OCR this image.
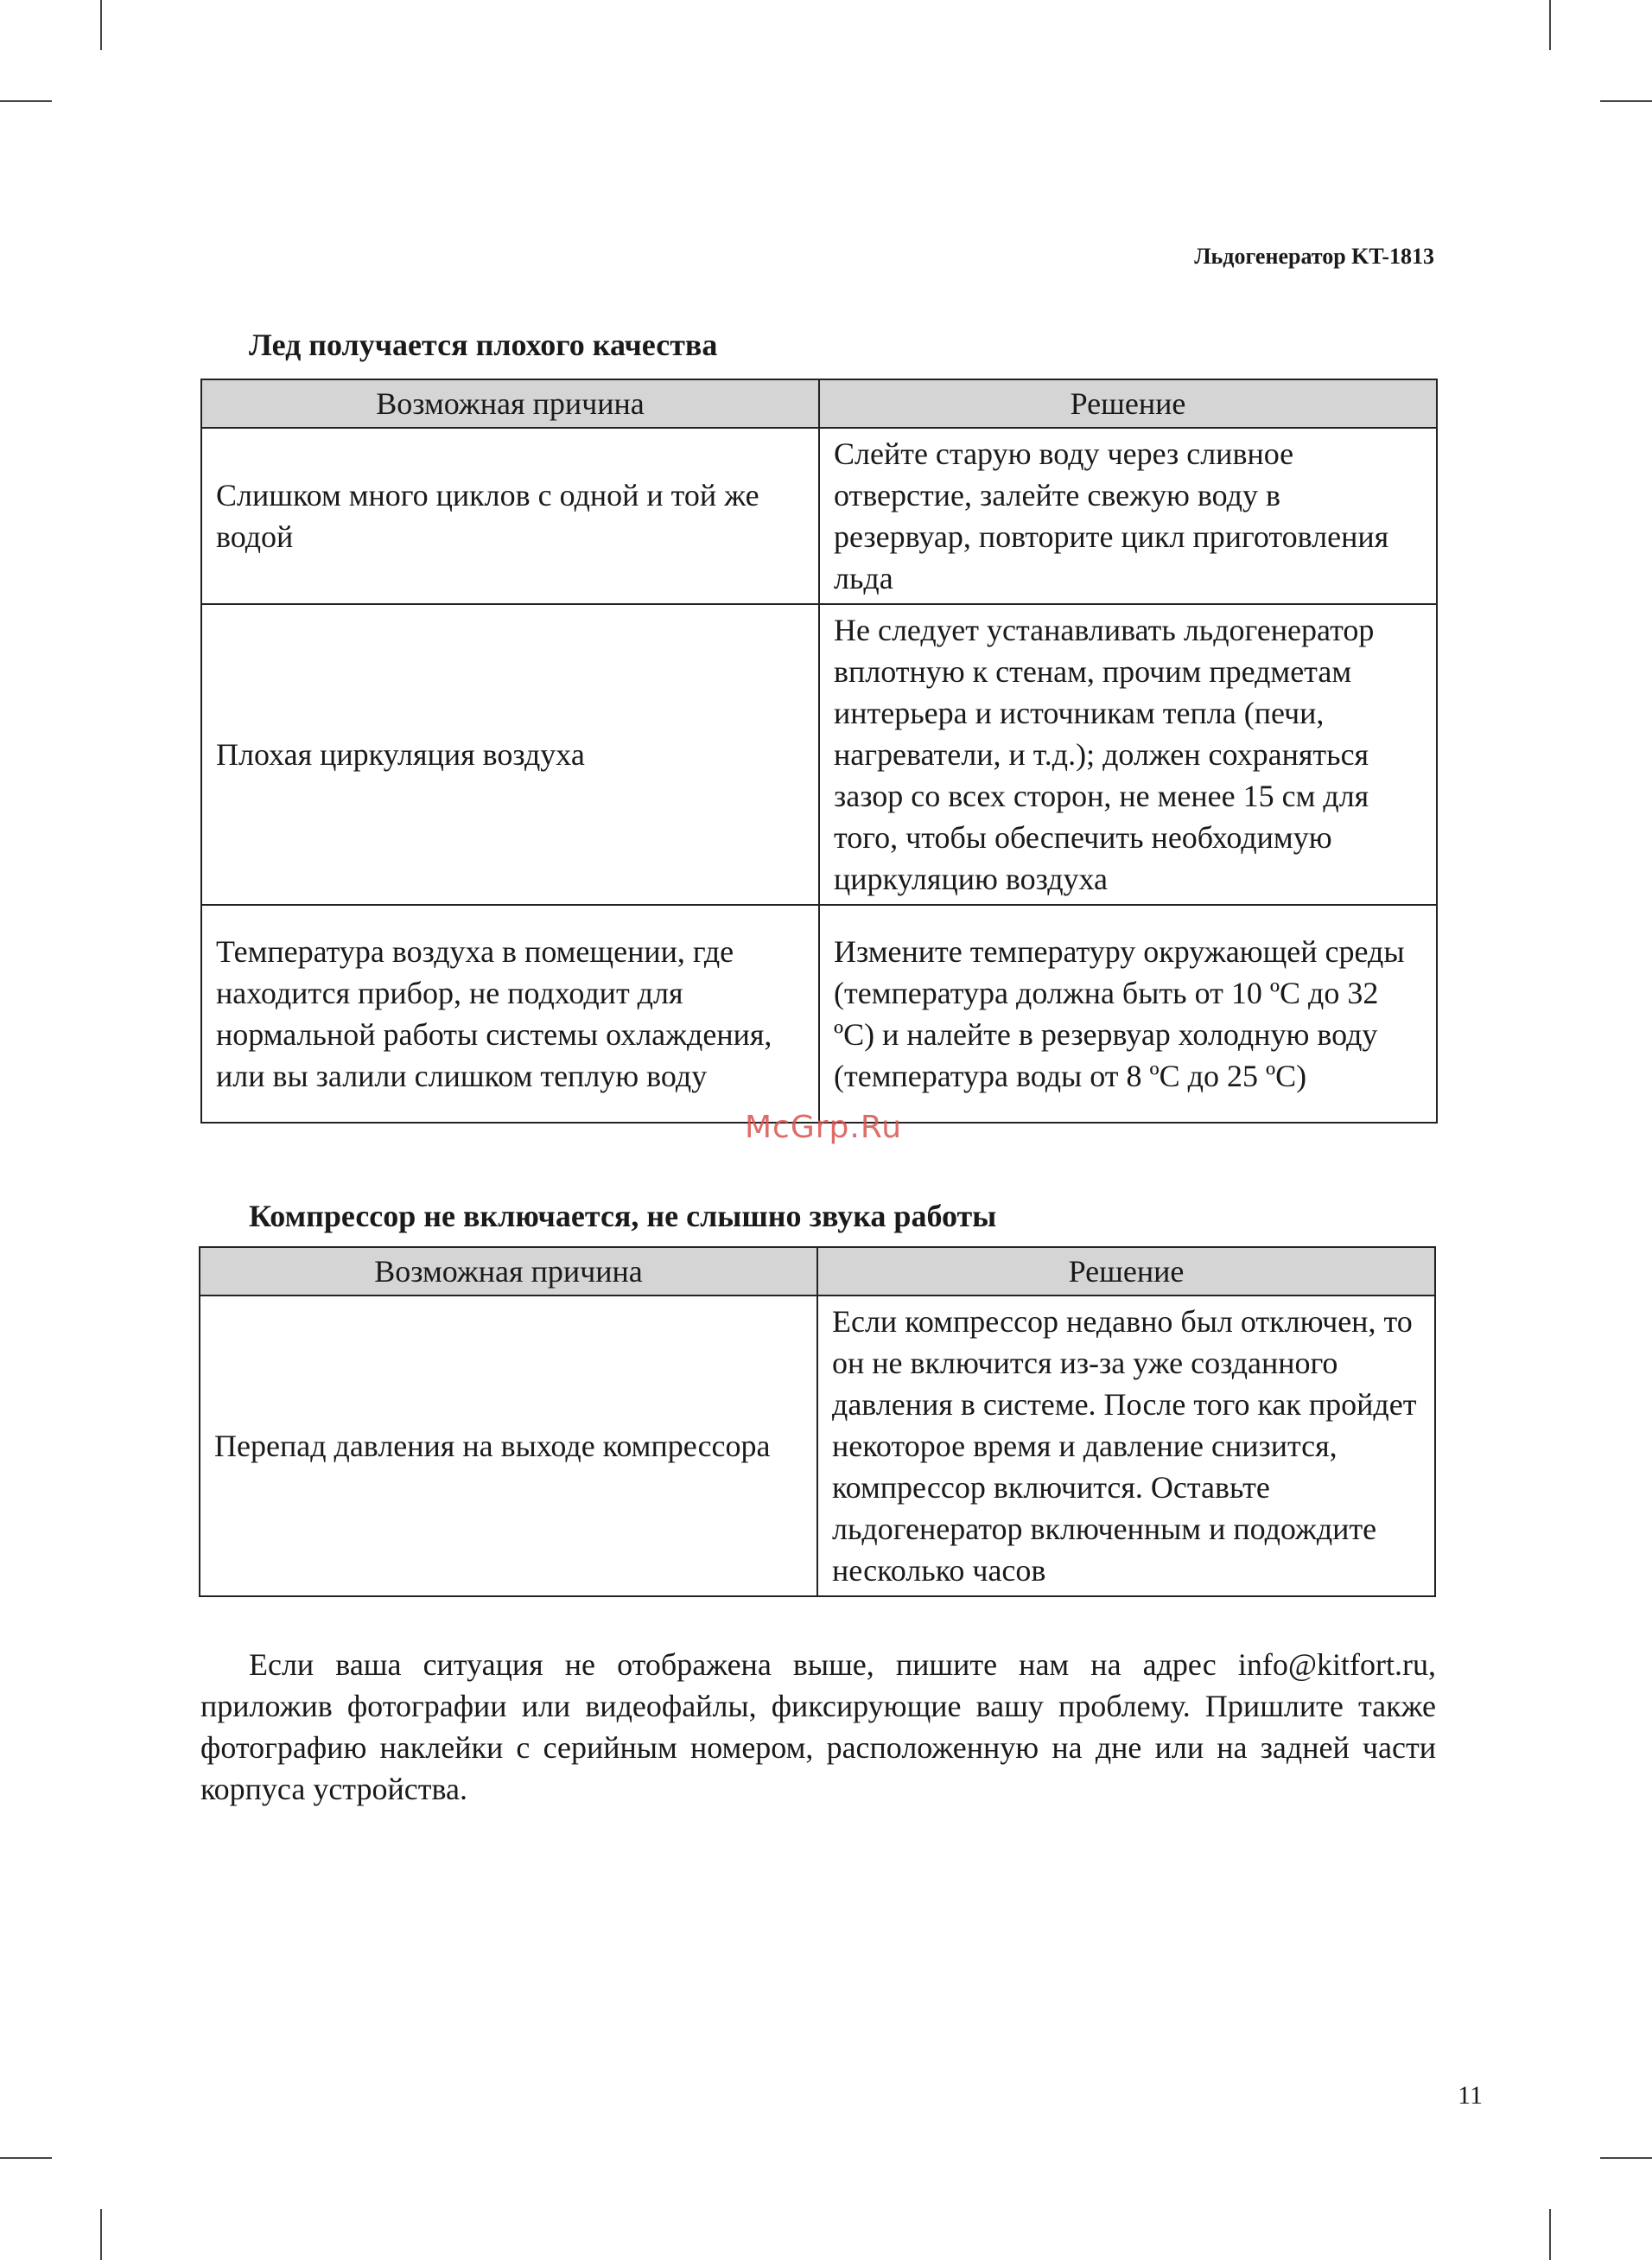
Льдогенератор KT-1813
Лед получается плохого качества
Возможная причина	Решение
Слишком много циклов с одной и той же водой	Слейте старую воду через сливное отверстие, залейте свежую воду в резервуар, повторите цикл приготовления льда
Плохая циркуляция воздуха	Не следует устанавливать льдогенератор вплотную к стенам, прочим предметам интерьера и источникам тепла (печи, нагреватели, и т.д.); должен сохраняться зазор со всех сторон, не менее 15 см для того, чтобы обеспечить необходимую циркуляцию воздуха
Температура воздуха в помещении, где находится прибор, не подходит для нормальной работы системы охлаждения, или вы залили слишком теплую воду	Измените температуру окружающей среды (температура должна быть от 10 ºС до 32 ºС) и налейте в резервуар холодную воду (температура воды от 8 ºС до 25 ºС)
McGrp.Ru
Компрессор не включается, не слышно звука работы
Возможная причина	Решение
Перепад давления на выходе компрессора	Если компрессор недавно был отключен, то он не включится из-за уже созданного давления в системе. После того как пройдет некоторое время и давление снизится, компрессор включится. Оставьте льдогенератор включенным и подождите несколько часов

Если ваша ситуация не отображена выше, пишите нам на адрес info@kitfort.ru, приложив фотографии или видеофайлы, фиксирующие вашу проблему. Пришлите также фотографию наклейки с серийным номером, расположенную на дне или на задней части корпуса устройства.

11
